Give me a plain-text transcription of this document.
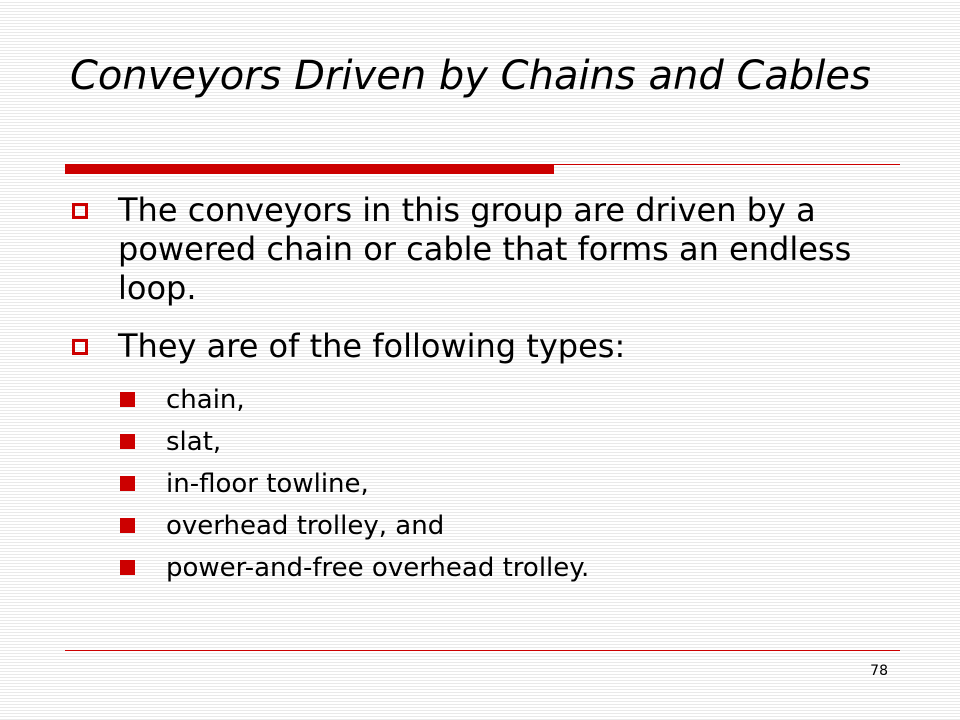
Conveyors Driven by Chains and Cables
The conveyors in this group are driven by a powered chain or cable that forms an endless loop.
They are of the following types:
chain,
slat,
in-floor towline,
overhead trolley, and
power-and-free overhead trolley.
78
